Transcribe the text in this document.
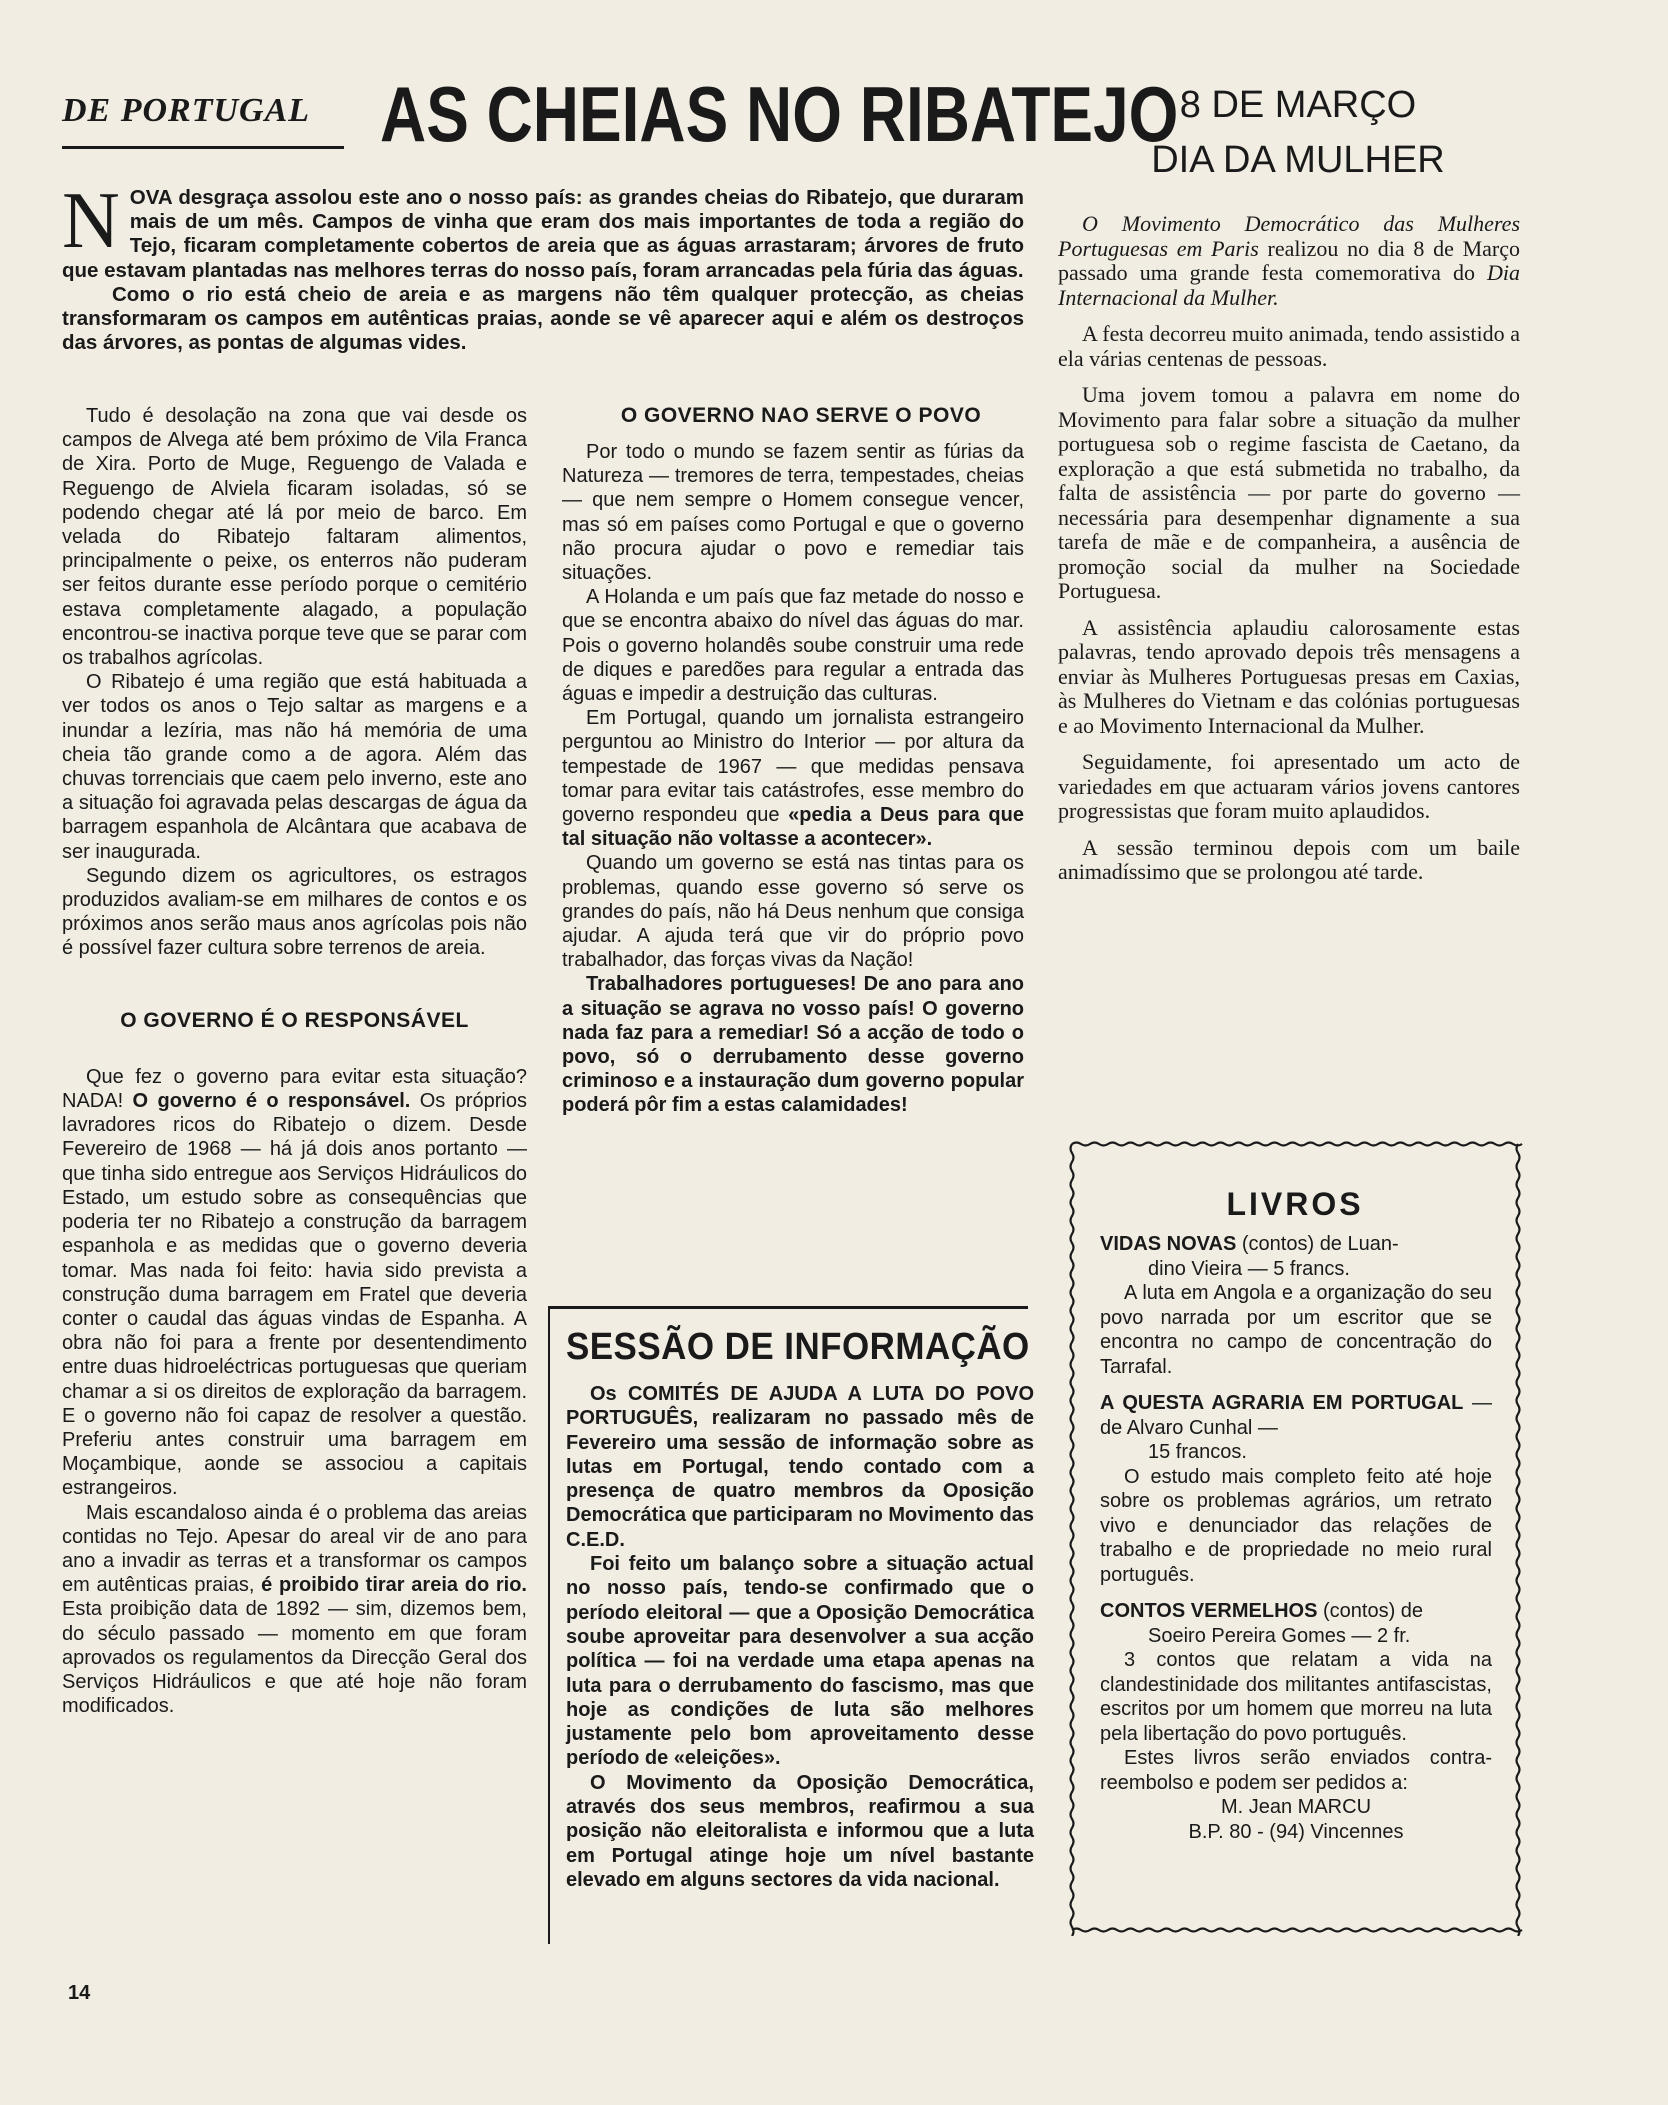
DE PORTUGAL AS CHEIAS NO RIBATEJO

NOVA desgraça assolou este ano o nosso país: as grandes cheias do Ribatejo, que duraram mais de um mês. Campos de vinha que eram dos mais importantes de toda a região do Tejo, ficaram completamente cobertos de areia que as águas arrastaram; árvores de fruto que estavam plantadas nas melhores terras do nosso país, foram arrancadas pela fúria das águas.

Como o rio está cheio de areia e as margens não têm qualquer protecção, as cheias transformaram os campos em autênticas praias, aonde se vê aparecer aqui e além os destroços das árvores, as pontas de algumas vides.

Tudo é desolação na zona que vai desde os campos de Alvega até bem próximo de Vila Franca de Xira. Porto de Muge, Reguengo de Valada e Reguengo de Alviela ficaram isoladas, só se podendo chegar até lá por meio de barco. Em velada do Ribatejo faltaram alimentos, principalmente o peixe, os enterros não puderam ser feitos durante esse período porque o cemitério estava completamente alagado, a população encontrou-se inactiva porque teve que se parar com os trabalhos agrícolas.

O Ribatejo é uma região que está habituada a ver todos os anos o Tejo saltar as margens e a inundar a lezíria, mas não há memória de uma cheia tão grande como a de agora. Além das chuvas torrenciais que caem pelo inverno, este ano a situação foi agravada pelas descargas de água da barragem espanhola de Alcântara que acabava de ser inaugurada.

Segundo dizem os agricultores, os estragos produzidos avaliam-se em milhares de contos e os próximos anos serão maus anos agrícolas pois não é possível fazer cultura sobre terrenos de areia.

O GOVERNO É O RESPONSÁVEL

Que fez o governo para evitar esta situação? NADA! O governo é o responsável. Os próprios lavradores ricos do Ribatejo o dizem. Desde Fevereiro de 1968 — há já dois anos portanto — que tinha sido entregue aos Serviços Hidráulicos do Estado, um estudo sobre as consequências que poderia ter no Ribatejo a construção da barragem espanhola e as medidas que o governo deveria tomar. Mas nada foi feito: havia sido prevista a construção duma barragem em Fratel que deveria conter o caudal das águas vindas de Espanha. A obra não foi para a frente por desentendimento entre duas hidroeléctricas portuguesas que queriam chamar a si os direitos de exploração da barragem. E o governo não foi capaz de resolver a questão. Preferiu antes construir uma barragem em Moçambique, aonde se associou a capitais estrangeiros.

Mais escandaloso ainda é o problema das areias contidas no Tejo. Apesar do areal vir de ano para ano a invadir as terras et a transformar os campos em autênticas praias, é proibido tirar areia do rio. Esta proibição data de 1892 — sim, dizemos bem, do século passado — momento em que foram aprovados os regulamentos da Direcção Geral dos Serviços Hidráulicos e que até hoje não foram modificados.

O GOVERNO NAO SERVE O POVO

Por todo o mundo se fazem sentir as fúrias da Natureza — tremores de terra, tempestades, cheias — que nem sempre o Homem consegue vencer, mas só em países como Portugal e que o governo não procura ajudar o povo e remediar tais situações.

A Holanda e um país que faz metade do nosso e que se encontra abaixo do nível das águas do mar. Pois o governo holandês soube construir uma rede de diques e paredões para regular a entrada das águas e impedir a destruição das culturas.

Em Portugal, quando um jornalista estrangeiro perguntou ao Ministro do Interior — por altura da tempestade de 1967 — que medidas pensava tomar para evitar tais catástrofes, esse membro do governo respondeu que «pedia a Deus para que tal situação não voltasse a acontecer».

Quando um governo se está nas tintas para os problemas, quando esse governo só serve os grandes do país, não há Deus nenhum que consiga ajudar. A ajuda terá que vir do próprio povo trabalhador, das forças vivas da Nação!

Trabalhadores portugueses! De ano para ano a situação se agrava no vosso país! O governo nada faz para a remediar! Só a acção de todo o povo, só o derrubamento desse governo criminoso e a instauração dum governo popular poderá pôr fim a estas calamidades!

SESSÃO DE INFORMAÇÃO

Os COMITÉS DE AJUDA A LUTA DO POVO PORTUGUÊS, realizaram no passado mês de Fevereiro uma sessão de informação sobre as lutas em Portugal, tendo contado com a presença de quatro membros da Oposição Democrática que participaram no Movimento das C.E.D.

Foi feito um balanço sobre a situação actual no nosso país, tendo-se confirmado que o período eleitoral — que a Oposição Democrática soube aproveitar para desenvolver a sua acção política — foi na verdade uma etapa apenas na luta para o derrubamento do fascismo, mas que hoje as condições de luta são melhores justamente pelo bom aproveitamento desse período de «eleições».

O Movimento da Oposição Democrática, através dos seus membros, reafirmou a sua posição não eleitoralista e informou que a luta em Portugal atinge hoje um nível bastante elevado em alguns sectores da vida nacional.

8 DE MARÇO
DIA DA MULHER

O Movimento Democrático das Mulheres Portuguesas em Paris realizou no dia 8 de Março passado uma grande festa comemorativa do Dia Internacional da Mulher.

A festa decorreu muito animada, tendo assistido a ela várias centenas de pessoas.

Uma jovem tomou a palavra em nome do Movimento para falar sobre a situação da mulher portuguesa sob o regime fascista de Caetano, da exploração a que está submetida no trabalho, da falta de assistência — por parte do governo — necessária para desempenhar dignamente a sua tarefa de mãe e de companheira, a ausência de promoção social da mulher na Sociedade Portuguesa.

A assistência aplaudiu calorosamente estas palavras, tendo aprovado depois três mensagens a enviar às Mulheres Portuguesas presas em Caxias, às Mulheres do Vietnam e das colónias portuguesas e ao Movimento Internacional da Mulher.

Seguidamente, foi apresentado um acto de variedades em que actuaram vários jovens cantores progressistas que foram muito aplaudidos.

A sessão terminou depois com um baile animadíssimo que se prolongou até tarde.

LIVROS
VIDAS NOVAS (contos) de Luan-
dino Vieira — 5 francs.
A luta em Angola e a organização do seu povo narrada por um escritor que se encontra no campo de concentração do Tarrafal.
A QUESTA AGRARIA EM PORTUGAL — de Alvaro Cunhal —
15 francos.
O estudo mais completo feito até hoje sobre os problemas agrários, um retrato vivo e denunciador das relações de trabalho e de propriedade no meio rural português.
CONTOS VERMELHOS (contos) de
Soeiro Pereira Gomes — 2 fr.
3 contos que relatam a vida na clandestinidade dos militantes antifascistas, escritos por um homem que morreu na luta pela libertação do povo português.
Estes livros serão enviados contra-reembolso e podem ser pedidos a:
M. Jean MARCU
B.P. 80 - (94) Vincennes
14
